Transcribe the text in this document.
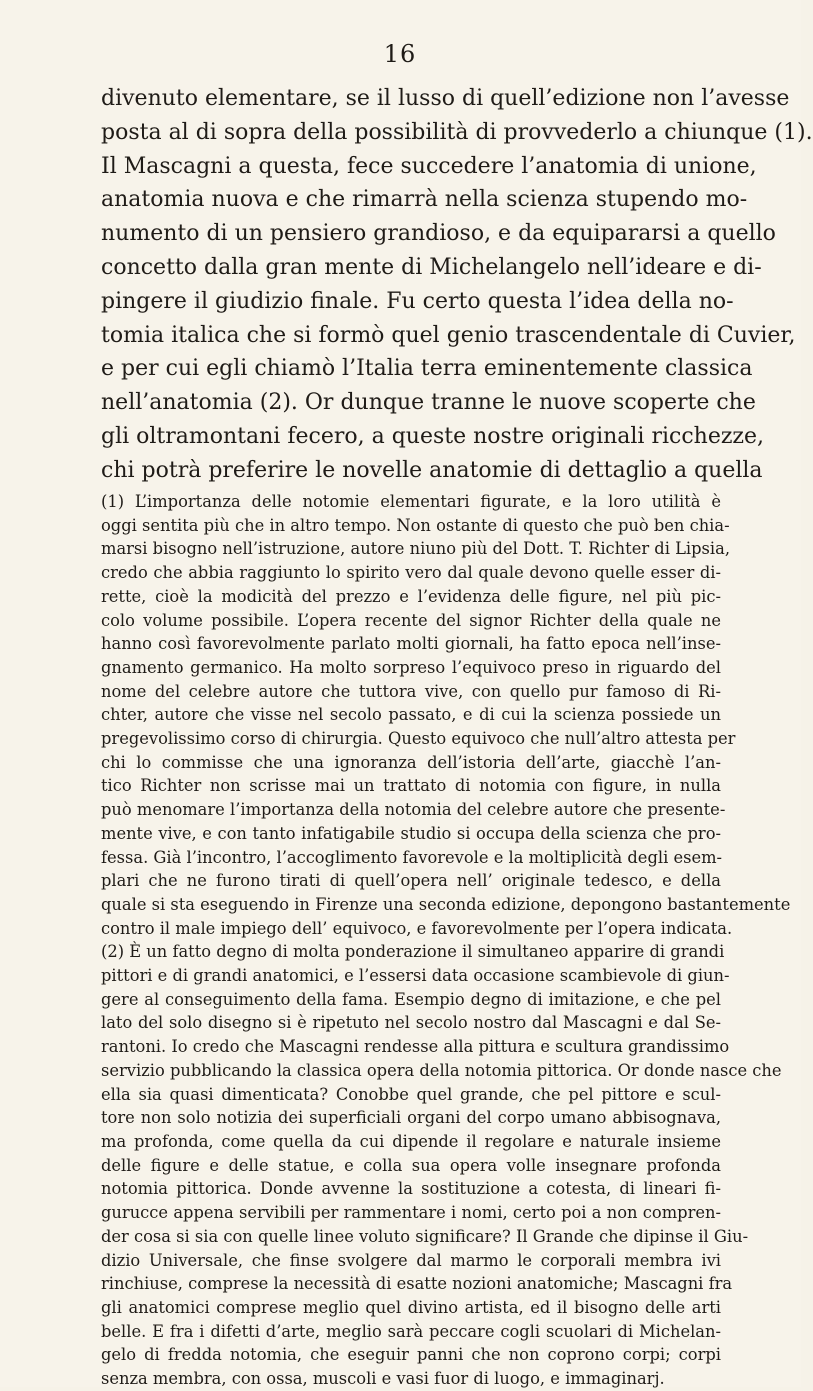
16
divenuto elementare, se il lusso di quell’edizione non l’avesse
posta al di sopra della possibilità di provvederlo a chiunque (1).
Il Mascagni a questa, fece succedere l’anatomia di unione,
anatomia nuova e che rimarrà nella scienza stupendo mo-
numento di un pensiero grandioso, e da equipararsi a quello
concetto dalla gran mente di Michelangelo nell’ideare e di-
pingere il giudizio finale. Fu certo questa l’idea della no-
tomia italica che si formò quel genio trascendentale di Cuvier,
e per cui egli chiamò l’Italia terra eminentemente classica
nell’anatomia (2). Or dunque tranne le nuove scoperte che
gli oltramontani fecero, a queste nostre originali ricchezze,
chi potrà preferire le novelle anatomie di dettaglio a quella
(1) L’importanza delle notomie elementari figurate, e la loro utilità è
oggi sentita più che in altro tempo. Non ostante di questo che può ben chia-
marsi bisogno nell’istruzione, autore niuno più del Dott. T. Richter di Lipsia,
credo che abbia raggiunto lo spirito vero dal quale devono quelle esser di-
rette, cioè la modicità del prezzo e l’evidenza delle figure, nel più pic-
colo volume possibile. L’opera recente del signor Richter della quale ne
hanno così favorevolmente parlato molti giornali, ha fatto epoca nell’inse-
gnamento germanico. Ha molto sorpreso l’equivoco preso in riguardo del
nome del celebre autore che tuttora vive, con quello pur famoso di Ri-
chter, autore che visse nel secolo passato, e di cui la scienza possiede un
pregevolissimo corso di chirurgia. Questo equivoco che null’altro attesta per
chi lo commisse che una ignoranza dell’istoria dell’arte, giacchè l’an-
tico Richter non scrisse mai un trattato di notomia con figure, in nulla
può menomare l’importanza della notomia del celebre autore che presente-
mente vive, e con tanto infatigabile studio si occupa della scienza che pro-
fessa. Già l’incontro, l’accoglimento favorevole e la moltiplicità degli esem-
plari che ne furono tirati di quell’opera nell’ originale tedesco, e della
quale si sta eseguendo in Firenze una seconda edizione, depongono bastantemente
contro il male impiego dell’ equivoco, e favorevolmente per l’opera indicata.
(2) È un fatto degno di molta ponderazione il simultaneo apparire di grandi
pittori e di grandi anatomici, e l’essersi data occasione scambievole di giun-
gere al conseguimento della fama. Esempio degno di imitazione, e che pel
lato del solo disegno si è ripetuto nel secolo nostro dal Mascagni e dal Se-
rantoni. Io credo che Mascagni rendesse alla pittura e scultura grandissimo
servizio pubblicando la classica opera della notomia pittorica. Or donde nasce che
ella sia quasi dimenticata? Conobbe quel grande, che pel pittore e scul-
tore non solo notizia dei superficiali organi del corpo umano abbisognava,
ma profonda, come quella da cui dipende il regolare e naturale insieme
delle figure e delle statue, e colla sua opera volle insegnare profonda
notomia pittorica. Donde avvenne la sostituzione a cotesta, di lineari fi-
gurucce appena servibili per rammentare i nomi, certo poi a non compren-
der cosa si sia con quelle linee voluto significare? Il Grande che dipinse il Giu-
dizio Universale, che finse svolgere dal marmo le corporali membra ivi
rinchiuse, comprese la necessità di esatte nozioni anatomiche; Mascagni fra
gli anatomici comprese meglio quel divino artista, ed il bisogno delle arti
belle. E fra i difetti d’arte, meglio sarà peccare cogli scuolari di Michelan-
gelo di fredda notomia, che eseguir panni che non coprono corpi; corpi
senza membra, con ossa, muscoli e vasi fuor di luogo, e immaginarj.
